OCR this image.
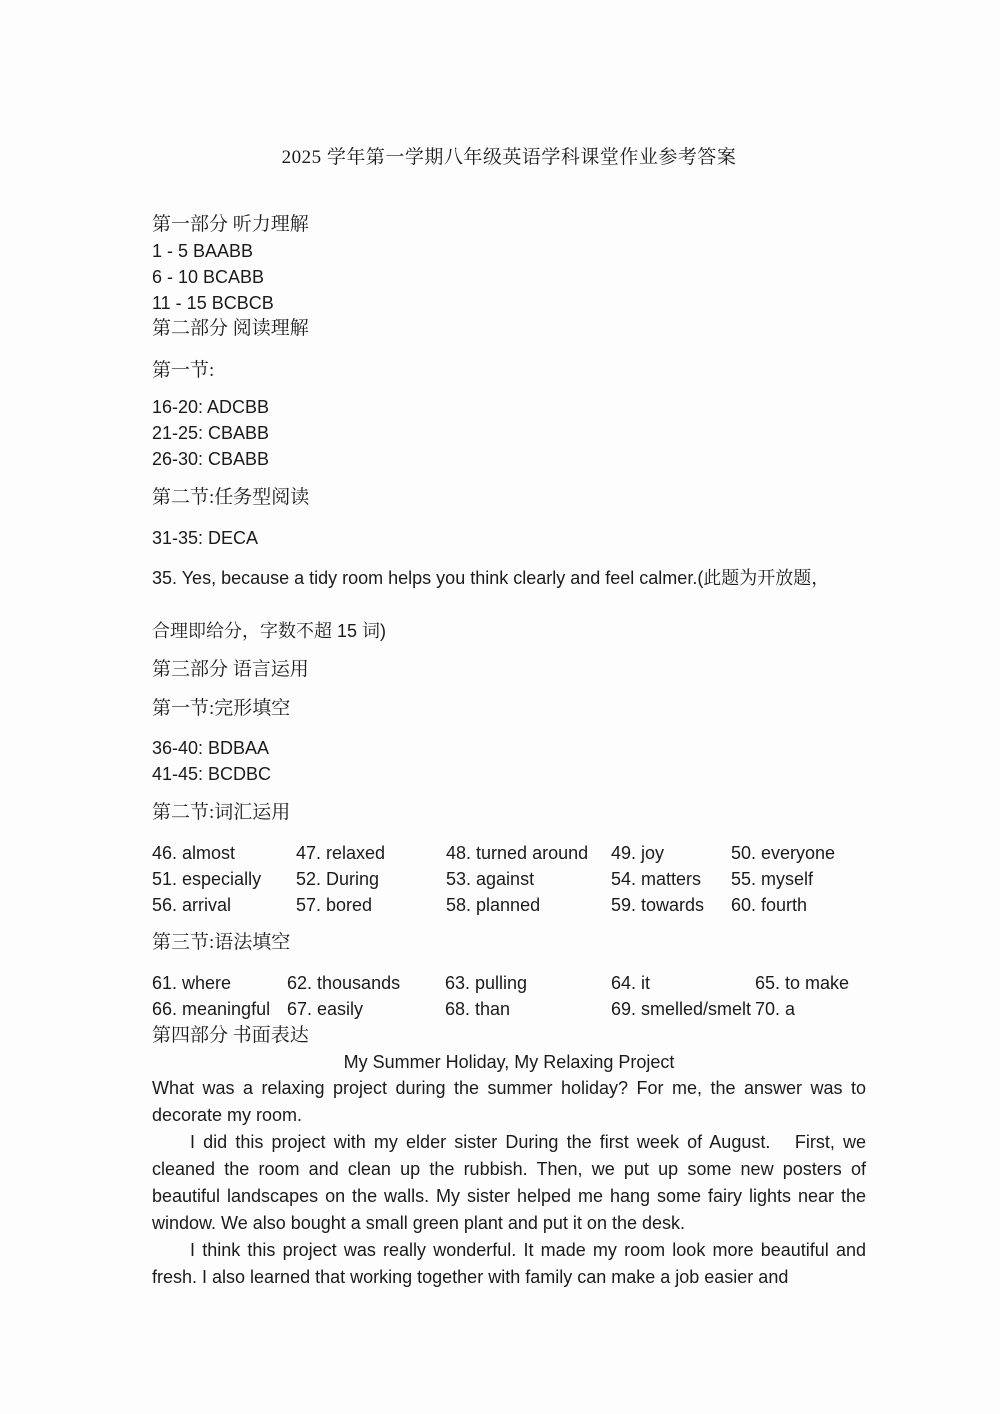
2025 学年第一学期八年级英语学科课堂作业参考答案
第一部分 听力理解
1 - 5 BAABB
6 - 10 BCABB
11 - 15 BCBCB
第二部分 阅读理解
第一节:
16-20: ADCBB
21-25: CBABB
26-30: CBABB
第二节:任务型阅读
31-35: DECA
35. Yes, because a tidy room helps you think clearly and feel calmer.(此题为开放题，
合理即给分，字数不超 15 词)
第三部分 语言运用
第一节:完形填空
36-40: BDBAA
41-45: BCDBC
第二节:词汇运用
46. almost	47. relaxed	48. turned around	49. joy	50. everyone
51. especially	52. During	53. against	54. matters	55. myself
56. arrival	57. bored	58. planned	59. towards	60. fourth
第三节:语法填空
61. where	62. thousands	63. pulling	64. it	65. to make
66. meaningful 67. easily	68. than	69. smelled/smelt 70. a
第四部分 书面表达
My Summer Holiday, My Relaxing Project

What was a relaxing project during the summer holiday? For me, the answer was to decorate my room.

I did this project with my elder sister During the first week of August.   First, we cleaned the room and clean up the rubbish. Then, we put up some new posters of beautiful landscapes on the walls. My sister helped me hang some fairy lights near the window. We also bought a small green plant and put it on the desk.

I think this project was really wonderful. It made my room look more beautiful and fresh. I also learned that working together with family can make a job easier and
